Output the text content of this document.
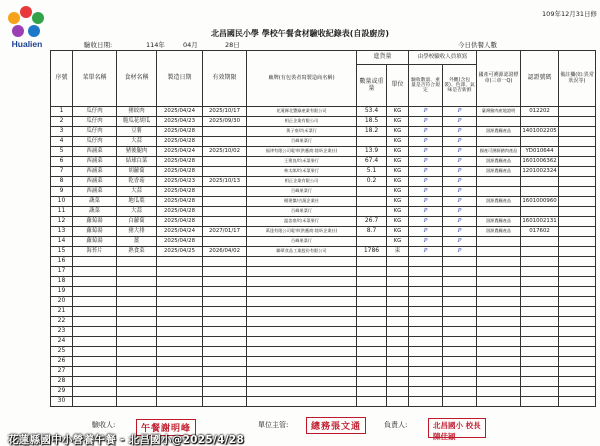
Hualien
109年12月31日修
北昌國民小學 學校午餐食材驗收紀錄表(自設廚房)
驗收日期:	114年	04月	28日	今日供餐人數
序號	菜單名稱	食材名稱	製造日期	有效期限	廠牌(有包裝者寫製造商名稱)	進貨量		由學校驗收人員填寫		國產可溯源認證標章(三章一Q)	認證號碼	備註欄(如:異常狀況等)
						數量或重量	單位	驗收數量、重量是否符合規定	外觀(含包裝)、色澤、氣味是否新鮮			
1	瓜仔肉	豬絞肉	2025/04/24	2025/10/17	花蓮縣北豐綠產業有限公司	53.4	KG	P	P	臺灣豬肉產地證明	012202	
2	瓜仔肉	脆瓜花胡瓜	2025/04/23	2025/09/30	相正企業有限公司	18.5	KG	P	P			
3	瓜仔肉	豆薯	2025/04/28		黃子豪/均禾菜行	18.2	KG	P	P	洄源農糧產品	1401002205	
4	瓜仔肉	大蒜	2025/04/28		百峰果菜行		KG	P	P			
5	西滷菜	豬後腿肉	2025/04/24	2025/10/02	福津有限公司電宰(供應商:陸昕企業社)	13.9	KG	P	P	國產可溯源豬肉產品	YD010644	
6	西滷菜	結球白菜	2025/04/28		王建良/均禾菜果行	67.4	KG	P	P	洄源農糧產品	1601006362	
7	西滷菜	胡蘿蔔	2025/04/28		林太郎/均禾菜果行	5.1	KG	P	P	洄源農糧產品	1201002324	
8	西滷菜	乾香菇	2025/04/23	2025/10/13	相正企業有限公司	0.2	KG	P	P			
9	西滷菜	大蒜	2025/04/28		百峰果菜行		KG	P	P			
10	蔬菜	地瓜葉	2025/04/28		楊建傑/吉蔬企業社		KG	P	P	洄源農糧產品	1601000960	
11	蔬菜	大蒜	2025/04/28		百峰果菜行		KG	P	P			
12	蘿蔔湯	白蘿蔔	2025/04/28		溫忠豪/均禾菜果行	26.7	KG	P	P	洄源農糧產品	1601002131	
13	蘿蔔湯	豬大排	2025/04/24	2027/01/17	萬達有限公司電宰(供應商:陸昕企業社)	8.7	KG	P	P	洄源農糧產品	017602	
14	蘿蔔湯	薑	2025/04/28		百峰果菜行		KG	P	P			
15	海苔片	熟食菜	2025/04/25	2026/04/02	聯華食品工業股份有限公司	1786	束	P	P			
16												
17												
18												
19												
20												
21												
22												
23												
24												
25												
26												
27												
28												
29												
30												
驗收人:	午餐謝明峰	單位主管:	總務張文通	負責人:	北昌國小 校長陳佳穎
花蓮縣國中小營養午餐 - 北昌國小@2025/4/28
